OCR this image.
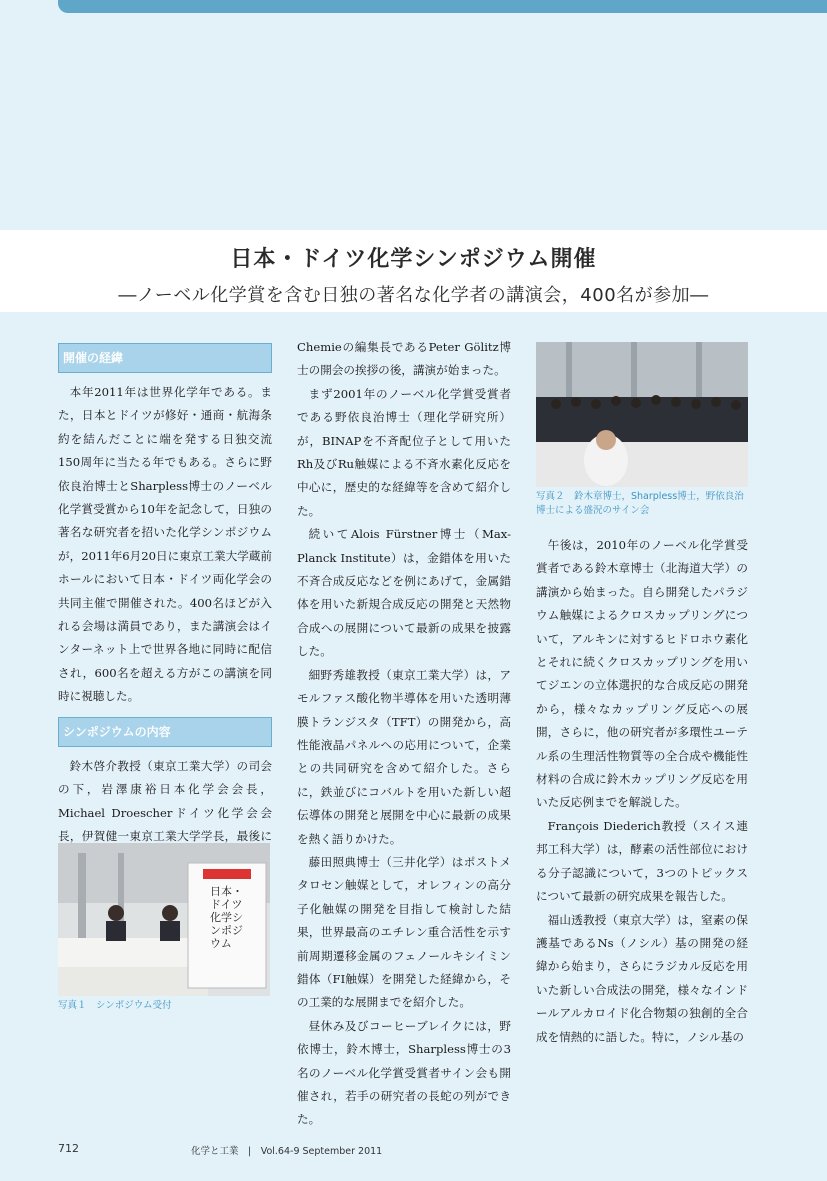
日本・ドイツ化学シンポジウム開催
―ノーベル化学賞を含む日独の著名な化学者の講演会，400名が参加―
開催の経緯

本年2011年は世界化学年である。また，日本とドイツが修好・通商・航海条約を結んだことに端を発する日独交流150周年に当たる年でもある。さらに野依良治博士とSharpless博士のノーベル化学賞受賞から10年を記念して，日独の著名な研究者を招いた化学シンポジウムが，2011年6月20日に東京工業大学蔵前ホールにおいて日本・ドイツ両化学会の共同主催で開催された。400名ほどが入れる会場は満員であり，また講演会はインターネット上で世界各地に同時に配信され，600名を超える方がこの講演を同時に視聴した。

シンポジウムの内容

鈴木啓介教授（東京工業大学）の司会の下，岩澤康裕日本化学会会長，Michael Droescherドイツ化学会会長，伊賀健一東京工業大学学長，最後に

日本・ドイツ化学シンポジウム
写真１　シンポジウム受付

Chemieの編集長であるPeter Gölitz博士の開会の挨拶の後，講演が始まった。

まず2001年のノーベル化学賞受賞者である野依良治博士（理化学研究所）が，BINAPを不斉配位子として用いたRh及びRu触媒による不斉水素化反応を中心に，歴史的な経緯等を含めて紹介した。

続いてAlois Fürstner博士（Max-Planck Institute）は，金錯体を用いた不斉合成反応などを例にあげて，金属錯体を用いた新規合成反応の開発と天然物合成への展開について最新の成果を披露した。

細野秀雄教授（東京工業大学）は，アモルファス酸化物半導体を用いた透明薄膜トランジスタ（TFT）の開発から，高性能液晶パネルへの応用について，企業との共同研究を含めて紹介した。さらに，鉄並びにコバルトを用いた新しい超伝導体の開発と展開を中心に最新の成果を熱く語りかけた。

藤田照典博士（三井化学）はポストメタロセン触媒として，オレフィンの高分子化触媒の開発を目指して検討した結果，世界最高のエチレン重合活性を示す前周期遷移金属のフェノールキシイミン錯体（FI触媒）を開発した経緯から，その工業的な展開までを紹介した。

昼休み及びコーヒーブレイクには，野依博士，鈴木博士，Sharpless博士の3名のノーベル化学賞受賞者サイン会も開催され，若手の研究者の長蛇の列ができた。

写真２　鈴木章博士，Sharpless博士，野依良治博士による盛況のサイン会

午後は，2010年のノーベル化学賞受賞者である鈴木章博士（北海道大学）の講演から始まった。自ら開発したパラジウム触媒によるクロスカップリングについて，アルキンに対するヒドロホウ素化とそれに続くクロスカップリングを用いてジエンの立体選択的な合成反応の開発から，様々なカップリング反応への展開，さらに，他の研究者が多環性ユーテル系の生理活性物質等の全合成や機能性材料の合成に鈴木カップリング反応を用いた反応例までを解説した。

François Diederich教授（スイス連邦工科大学）は，酵素の活性部位における分子認識について，3つのトピックスについて最新の研究成果を報告した。

福山透教授（東京大学）は，窒素の保護基であるNs（ノシル）基の開発の経緯から始まり，さらにラジカル反応を用いた新しい合成法の開発，様々なインドールアルカロイド化合物類の独創的全合成を情熱的に語した。特に，ノシル基の

712	化学と工業　|　Vol.64-9 September 2011
